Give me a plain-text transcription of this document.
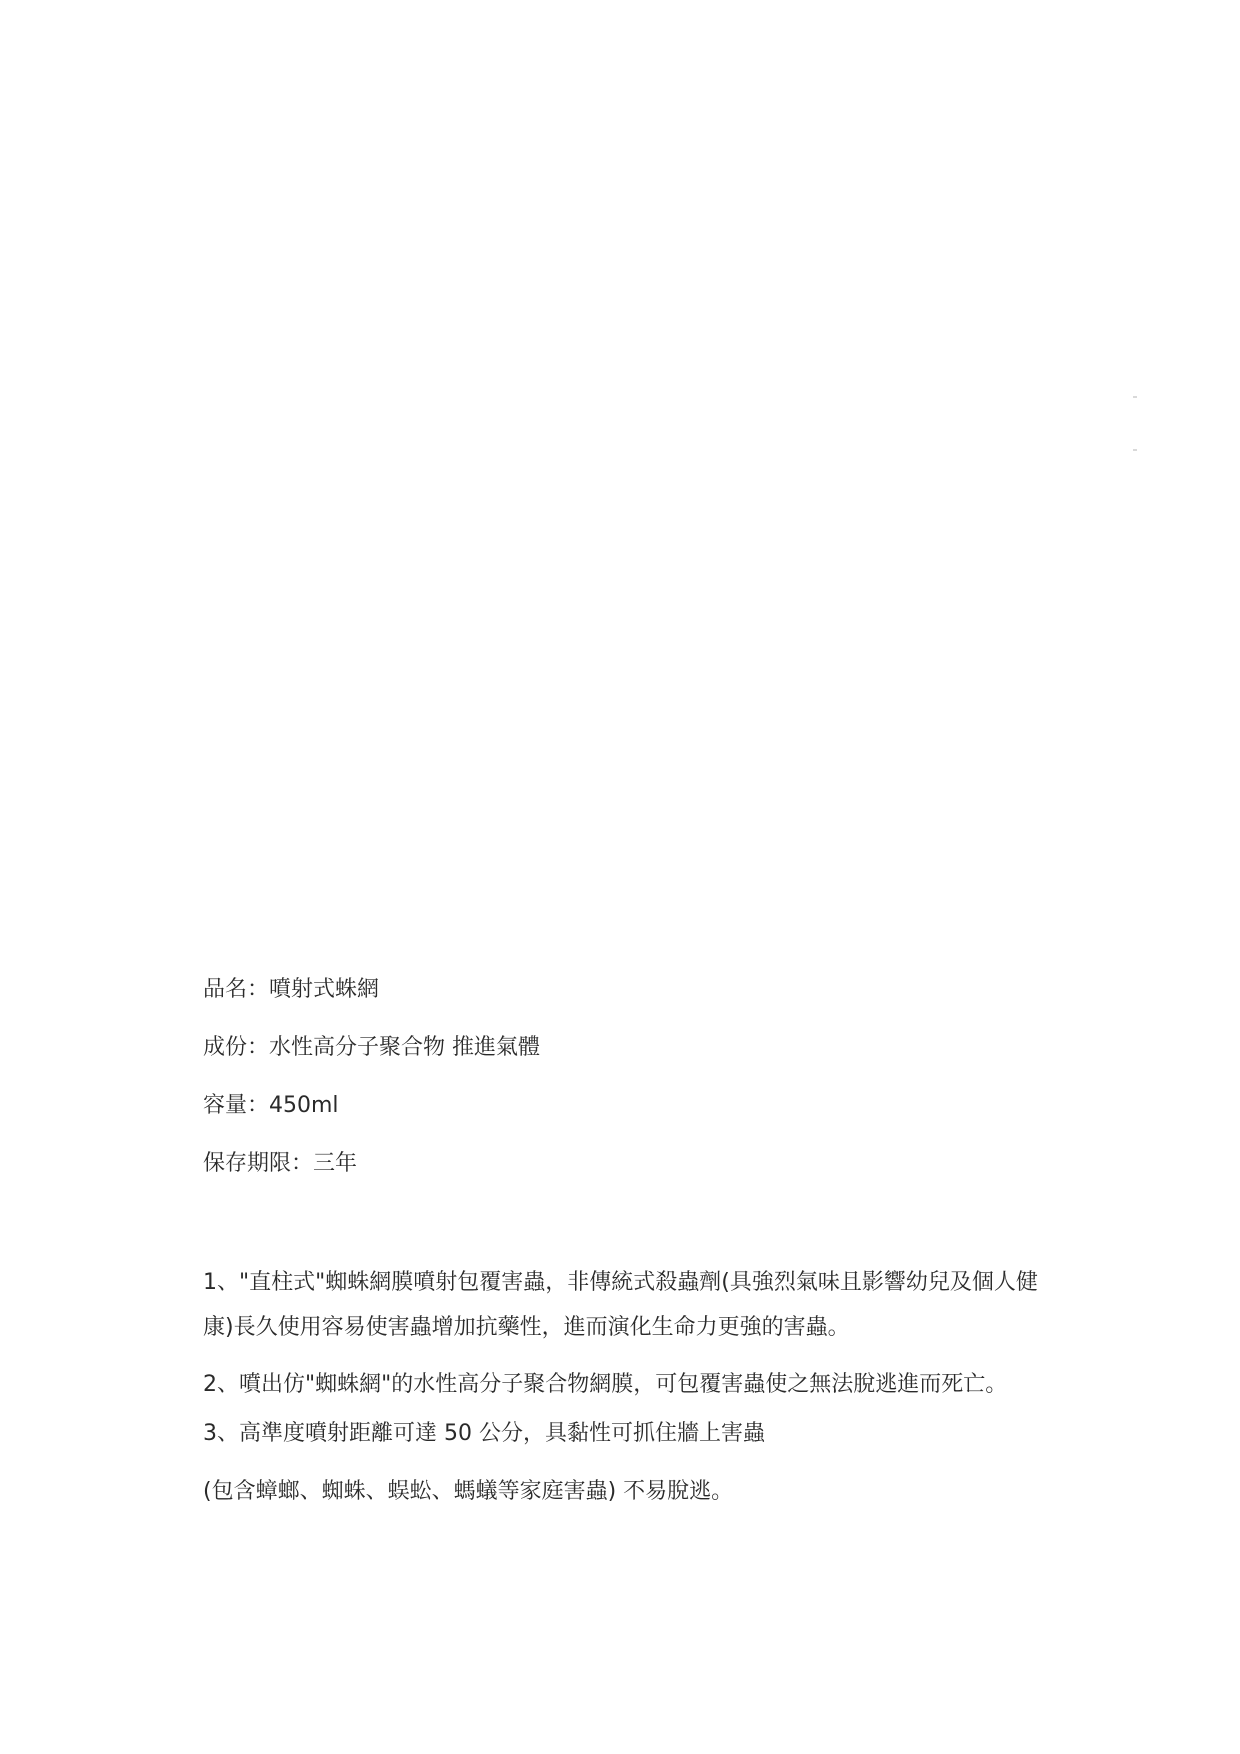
品名：噴射式蛛網
成份：水性高分子聚合物 推進氣體
容量：450ml
保存期限：三年
1、"直柱式"蜘蛛網膜噴射包覆害蟲，非傳統式殺蟲劑(具強烈氣味且影響幼兒及個人健康)長久使用容易使害蟲增加抗藥性，進而演化生命力更強的害蟲。
2、噴出仿"蜘蛛網"的水性高分子聚合物網膜，可包覆害蟲使之無法脫逃進而死亡。
3、高準度噴射距離可達 50 公分，具黏性可抓住牆上害蟲
(包含蟑螂、蜘蛛、蜈蚣、螞蟻等家庭害蟲) 不易脫逃。
